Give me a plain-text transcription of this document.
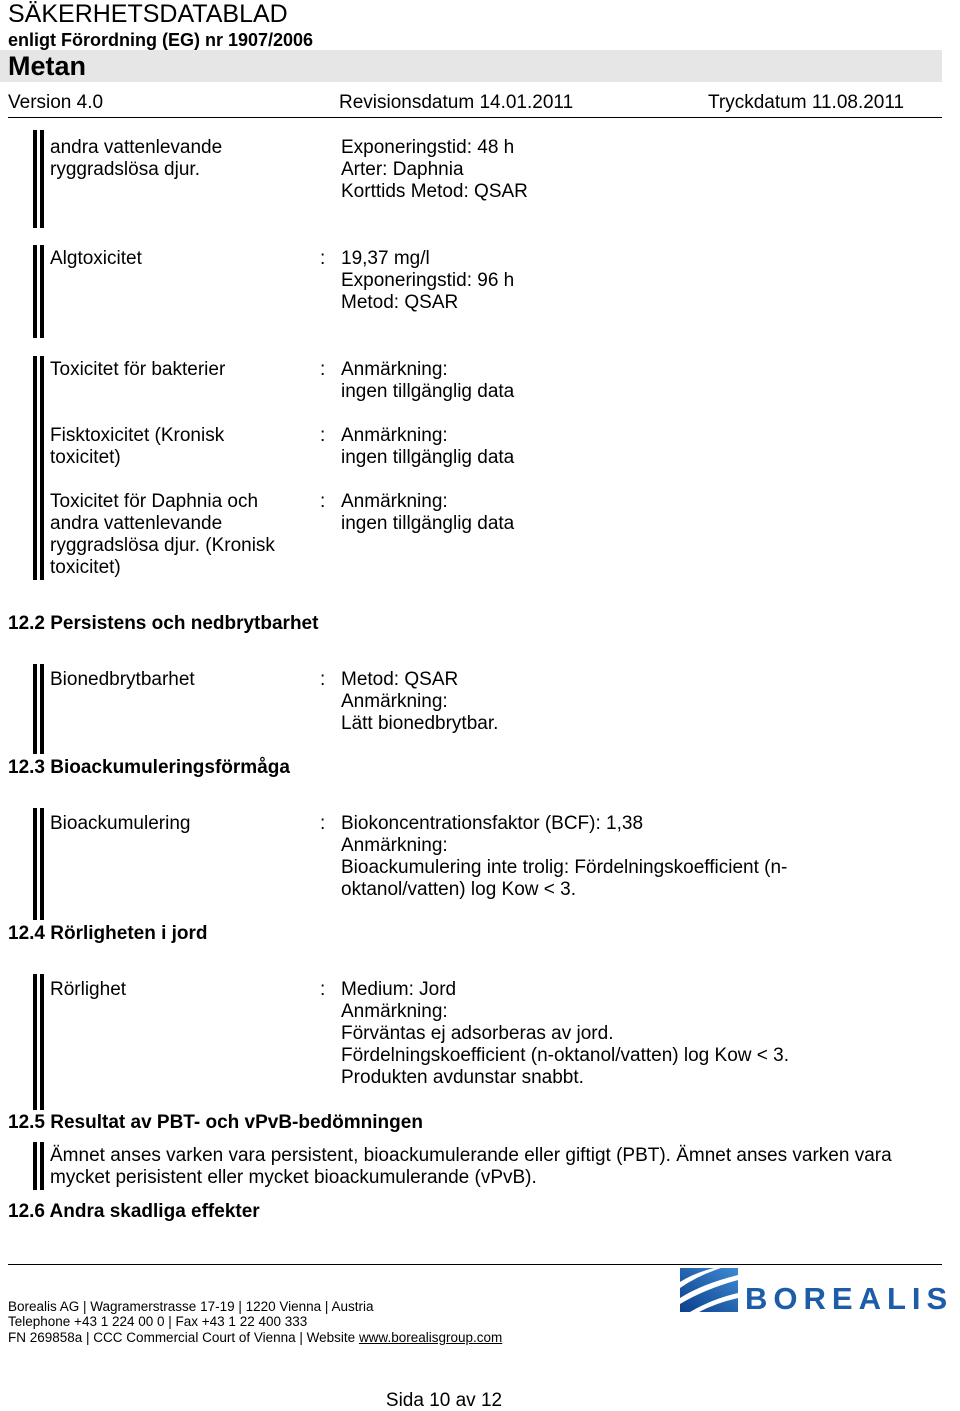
SÄKERHETSDATABLAD
enligt Förordning (EG) nr 1907/2006
Metan
Version 4.0	Revisionsdatum 14.01.2011	Tryckdatum 11.08.2011
andra vattenlevande
ryggradslösa djur.
Exponeringstid: 48 h
Arter: Daphnia
Korttids Metod: QSAR
Algtoxicitet	: 19,37 mg/l
Exponeringstid: 96 h
Metod: QSAR
Toxicitet för bakterier	: Anmärkning:
ingen tillgänglig data
Fisktoxicitet (Kronisk
toxicitet)
: Anmärkning:
ingen tillgänglig data
Toxicitet för Daphnia och
andra vattenlevande
ryggradslösa djur. (Kronisk
toxicitet)
: Anmärkning:
ingen tillgänglig data
12.2 Persistens och nedbrytbarhet
Bionedbrytbarhet	: Metod: QSAR
Anmärkning:
Lätt bionedbrytbar.
12.3 Bioackumuleringsförmåga
Bioackumulering	: Biokoncentrationsfaktor (BCF): 1,38
Anmärkning:
Bioackumulering inte trolig: Fördelningskoefficient (n-
oktanol/vatten) log Kow < 3.
12.4 Rörligheten i jord
Rörlighet	: Medium: Jord
Anmärkning:
Förväntas ej adsorberas av jord.
Fördelningskoefficient (n-oktanol/vatten) log Kow < 3.
Produkten avdunstar snabbt.
12.5 Resultat av PBT- och vPvB-bedömningen
Ämnet anses varken vara persistent, bioackumulerande eller giftigt (PBT). Ämnet anses varken vara
mycket perisistent eller mycket bioackumulerande (vPvB).
12.6 Andra skadliga effekter
Borealis AG | Wagramerstrasse 17-19 | 1220 Vienna | Austria
Telephone +43 1 224 00 0 | Fax +43 1 22 400 333
FN 269858a | CCC Commercial Court of Vienna | Website www.borealisgroup.com
BOREALIS
Sida 10 av 12
